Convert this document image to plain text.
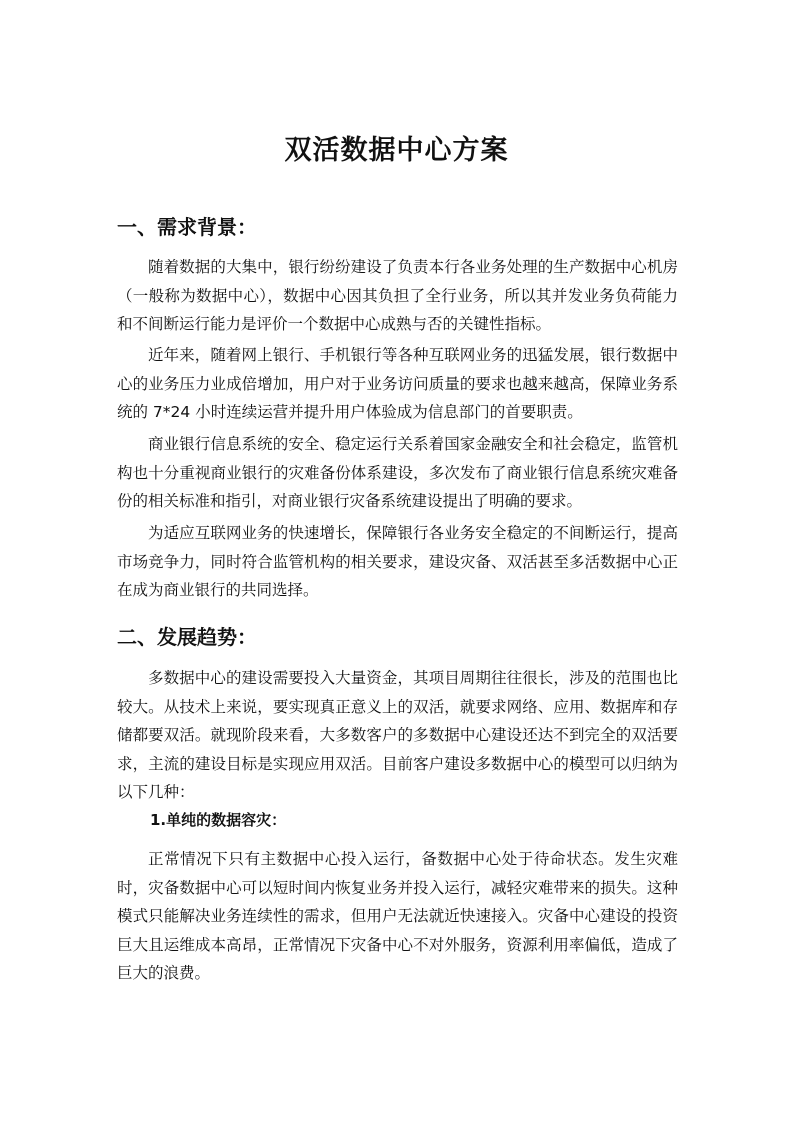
双活数据中心方案
一、需求背景：

随着数据的大集中，银行纷纷建设了负责本行各业务处理的生产数据中心机房（一般称为数据中心），数据中心因其负担了全行业务，所以其并发业务负荷能力和不间断运行能力是评价一个数据中心成熟与否的关键性指标。

近年来，随着网上银行、手机银行等各种互联网业务的迅猛发展，银行数据中心的业务压力业成倍增加，用户对于业务访问质量的要求也越来越高，保障业务系统的 7*24 小时连续运营并提升用户体验成为信息部门的首要职责。

商业银行信息系统的安全、稳定运行关系着国家金融安全和社会稳定，监管机构也十分重视商业银行的灾难备份体系建设，多次发布了商业银行信息系统灾难备份的相关标准和指引，对商业银行灾备系统建设提出了明确的要求。

为适应互联网业务的快速增长，保障银行各业务安全稳定的不间断运行，提高市场竞争力，同时符合监管机构的相关要求，建设灾备、双活甚至多活数据中心正在成为商业银行的共同选择。

二、发展趋势：

多数据中心的建设需要投入大量资金，其项目周期往往很长，涉及的范围也比较大。从技术上来说，要实现真正意义上的双活，就要求网络、应用、数据库和存储都要双活。就现阶段来看，大多数客户的多数据中心建设还达不到完全的双活要求，主流的建设目标是实现应用双活。目前客户建设多数据中心的模型可以归纳为以下几种：

1.单纯的数据容灾：

正常情况下只有主数据中心投入运行，备数据中心处于待命状态。发生灾难时，灾备数据中心可以短时间内恢复业务并投入运行，减轻灾难带来的损失。这种模式只能解决业务连续性的需求，但用户无法就近快速接入。灾备中心建设的投资巨大且运维成本高昂，正常情况下灾备中心不对外服务，资源利用率偏低，造成了巨大的浪费。
